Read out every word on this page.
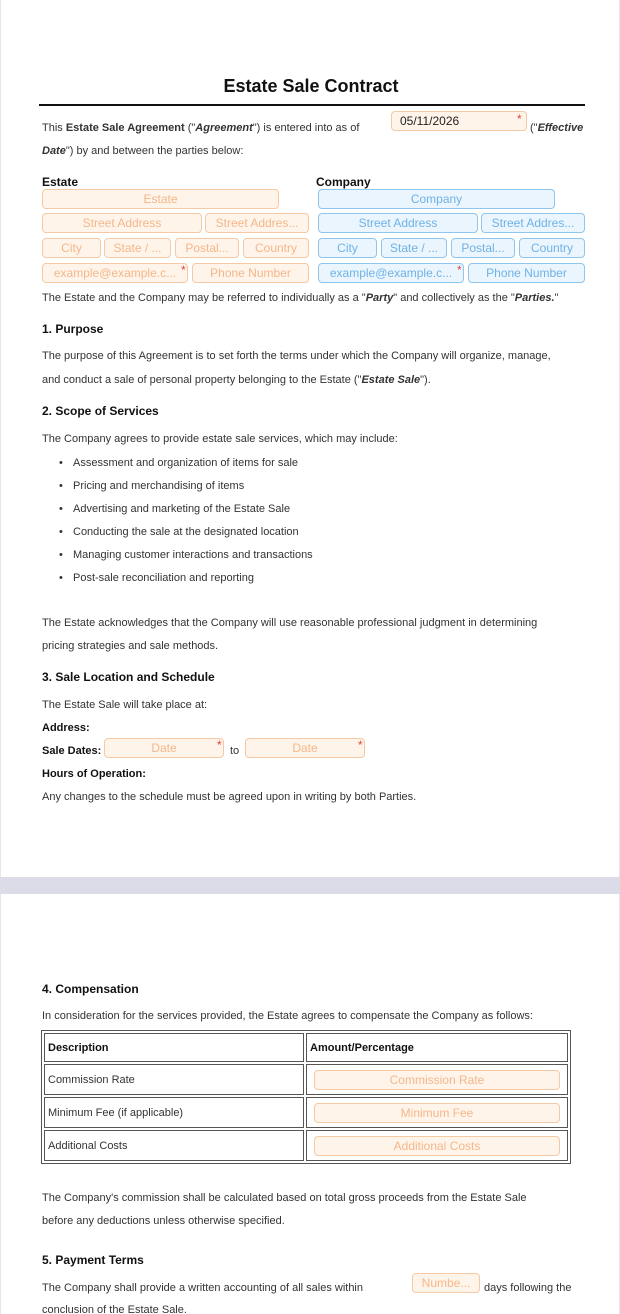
Estate Sale Contract
This Estate Sale Agreement ("Agreement") is entered into as of	05/11/2026	*
("Effective
Date") by and between the parties below:
Estate
Estate
Street Address	Street Addres...
City	State / ...	Postal...	Country
example@example.c... *	Phone Number
Company
Company
Street Address	Street Addres...
City	State / ...	Postal...	Country
example@example.c... *	Phone Number
The Estate and the Company may be referred to individually as a "Party" and collectively as the "Parties."
1. Purpose
The purpose of this Agreement is to set forth the terms under which the Company will organize, manage,
and conduct a sale of personal property belonging to the Estate ("Estate Sale").
2. Scope of Services
The Company agrees to provide estate sale services, which may include:
• Assessment and organization of items for sale
• Pricing and merchandising of items
• Advertising and marketing of the Estate Sale
• Conducting the sale at the designated location
• Managing customer interactions and transactions
• Post-sale reconciliation and reporting
The Estate acknowledges that the Company will use reasonable professional judgment in determining
pricing strategies and sale methods.
3. Sale Location and Schedule
The Estate Sale will take place at:
Address:
Sale Dates:	Date	* to	Date	*
Hours of Operation:
Any changes to the schedule must be agreed upon in writing by both Parties.
4. Compensation
In consideration for the services provided, the Estate agrees to compensate the Company as follows:
Description	Amount/Percentage
Commission Rate	Commission Rate

Minimum Fee (if applicable)	Minimum Fee

Additional Costs	Additional Costs
The Company's commission shall be calculated based on total gross proceeds from the Estate Sale
before any deductions unless otherwise specified.
5. Payment Terms
The Company shall provide a written accounting of all sales within	Numbe...	days following the
conclusion of the Estate Sale.
